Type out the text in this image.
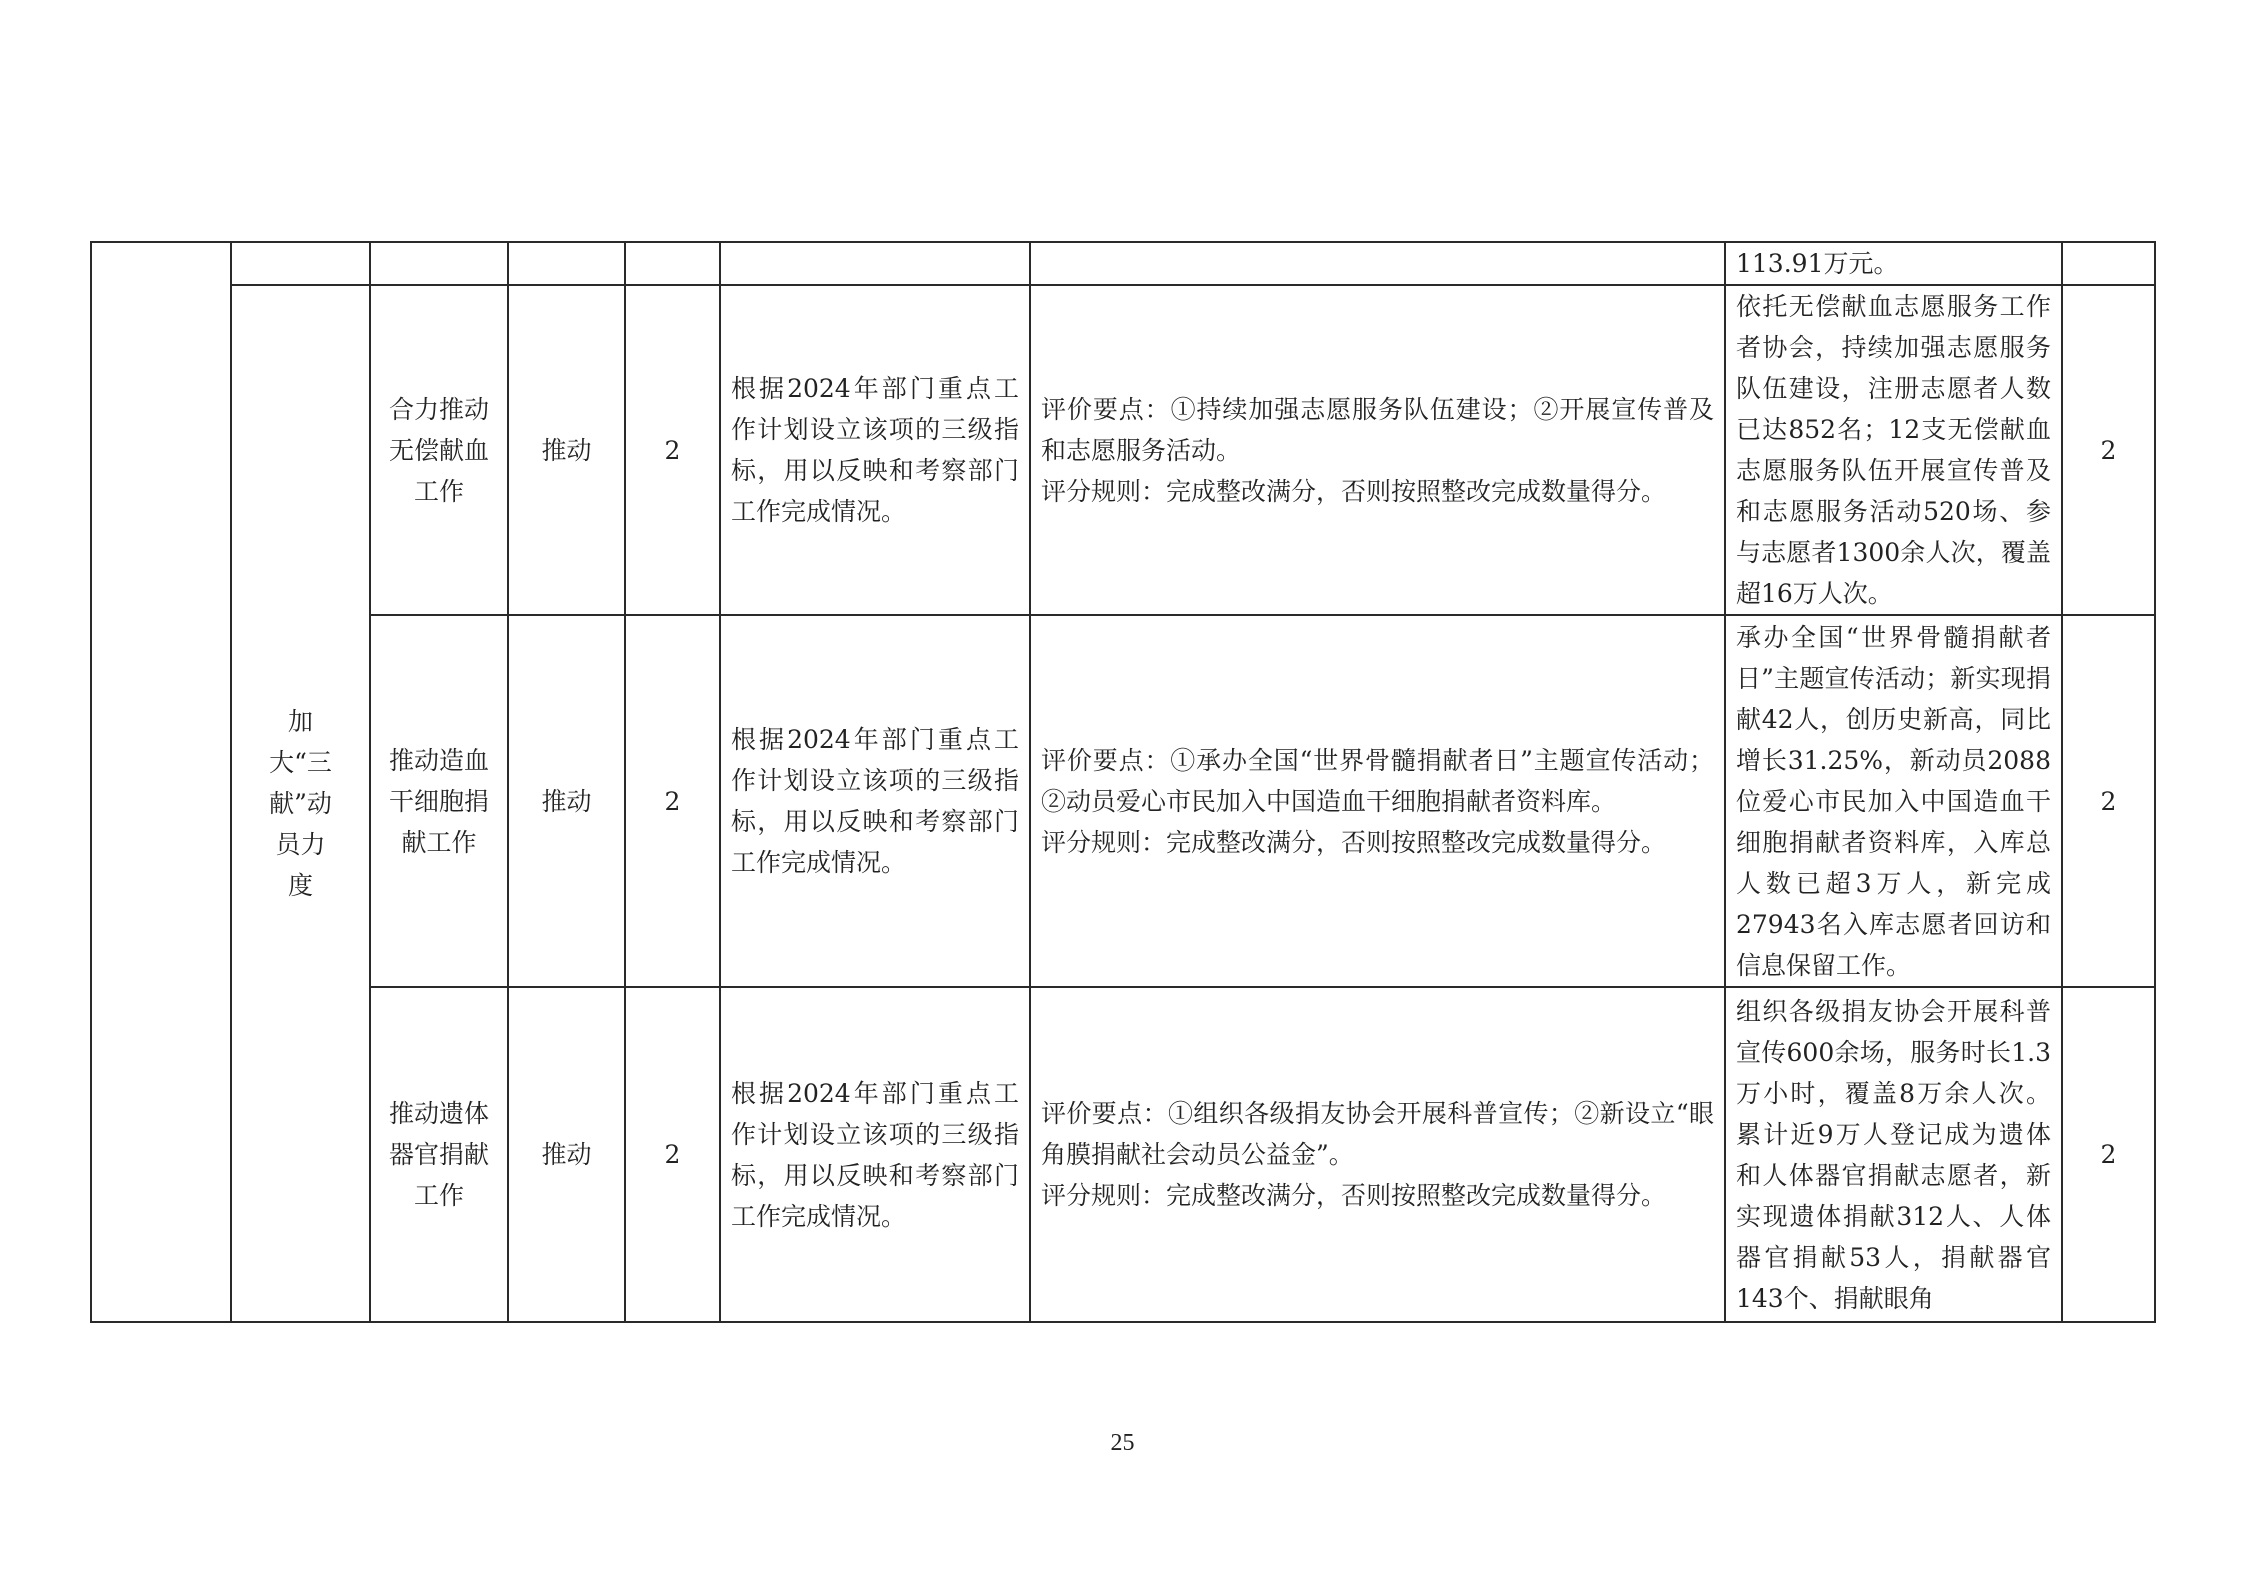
							113.91万元。	

	加大“三献”动员力度	合力推动无偿献血工作	推动	2	根据2024年部门重点工作计划设立该项的三级指标，用以反映和考察部门工作完成情况。	评价要点：①持续加强志愿服务队伍建设；②开展宣传普及和志愿服务活动。
评分规则：完成整改满分，否则按照整改完成数量得分。	依托无偿献血志愿服务工作者协会，持续加强志愿服务队伍建设，注册志愿者人数已达852名；12支无偿献血志愿服务队伍开展宣传普及和志愿服务活动520场、参与志愿者1300余人次，覆盖超16万人次。	2

		推动造血干细胞捐献工作	推动	2	根据2024年部门重点工作计划设立该项的三级指标，用以反映和考察部门工作完成情况。	评价要点：①承办全国“世界骨髓捐献者日”主题宣传活动；②动员爱心市民加入中国造血干细胞捐献者资料库。
评分规则：完成整改满分，否则按照整改完成数量得分。	承办全国“世界骨髓捐献者日”主题宣传活动；新实现捐献42人，创历史新高，同比增长31.25%，新动员2088位爱心市民加入中国造血干细胞捐献者资料库，入库总人数已超3万人，新完成27943名入库志愿者回访和信息保留工作。	2

		推动遗体器官捐献工作	推动	2	根据2024年部门重点工作计划设立该项的三级指标，用以反映和考察部门工作完成情况。	评价要点：①组织各级捐友协会开展科普宣传；②新设立“眼角膜捐献社会动员公益金”。
评分规则：完成整改满分，否则按照整改完成数量得分。	组织各级捐友协会开展科普宣传600余场，服务时长1.3万小时，覆盖8万余人次。累计近9万人登记成为遗体和人体器官捐献志愿者，新实现遗体捐献312人、人体器官捐献53人，捐献器官143个、捐献眼角	2
25
